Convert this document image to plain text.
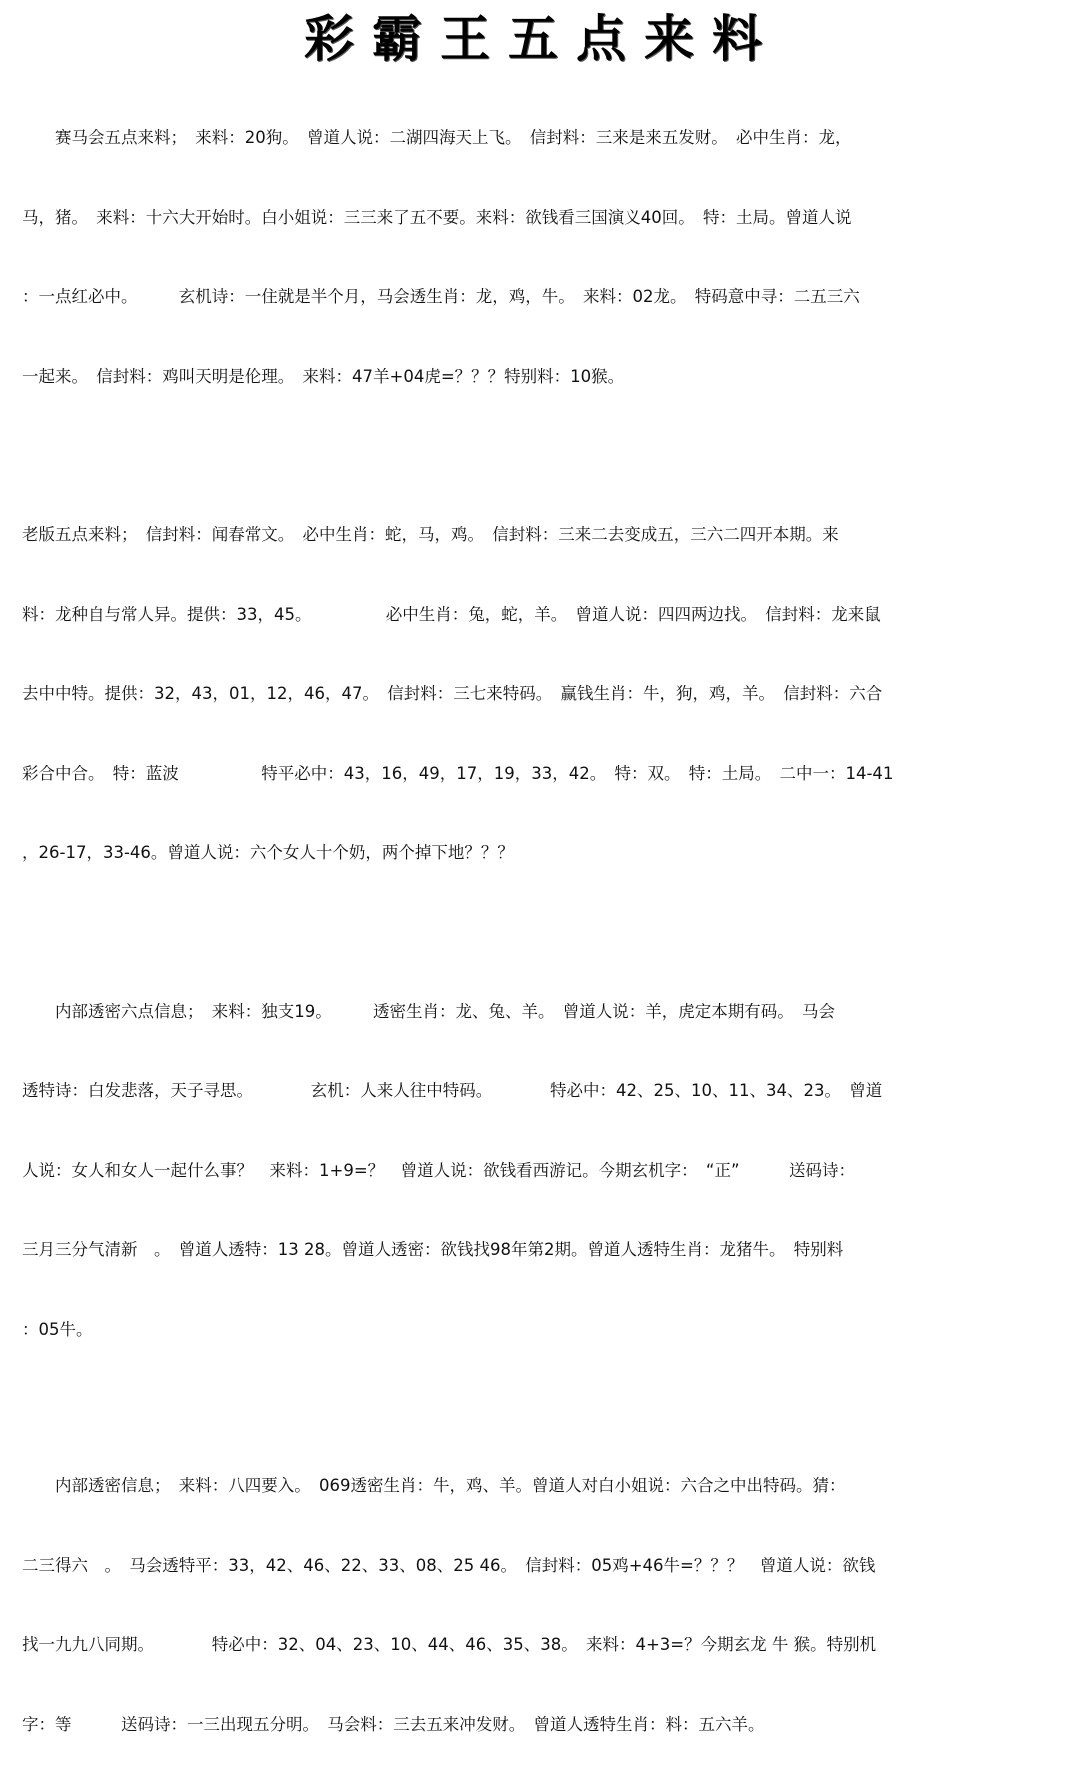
彩霸王五点来料

　　赛马会五点来料；　来料：20狗。　曾道人说：二湖四海天上飞。　信封料：三来是来五发财。　必中生肖：龙，

马，猪。　来料：十六大开始时。白小姐说：三三来了五不要。来料：欲钱看三国演义40回。　特：土局。曾道人说

：一点红必中。　　　玄机诗：一住就是半个月，马会透生肖：龙，鸡，牛。　来料：02龙。　特码意中寻：二五三六

一起来。　信封料：鸡叫天明是伦理。　来料：47羊+04虎=？？？特别料：10猴。

老版五点来料；　信封料：闻春常文。　必中生肖：蛇，马，鸡。　信封料：三来二去变成五，三六二四开本期。来

料：龙种自与常人异。提供：33，45。　　　　　必中生肖：兔，蛇，羊。　曾道人说：四四两边找。　信封料：龙来鼠

去中中特。提供：32，43，01，12，46，47。　信封料：三七来特码。　赢钱生肖：牛，狗，鸡，羊。　信封料：六合

彩合中合。　特：蓝波　　　　　特平必中：43，16，49，17，19，33，42。　特：双。　特：土局。　二中一：14-41

，26-17，33-46。曾道人说：六个女人十个奶，两个掉下地？？？

　　内部透密六点信息；　来料：独支19。　　　透密生肖：龙、兔、羊。　曾道人说：羊，虎定本期有码。　马会

透特诗：白发悲落，天子寻思。　　　　玄机：人来人往中特码。　　　　特必中：42、25、10、11、34、23。　曾道

人说：女人和女人一起什么事？　来料：1+9=？　曾道人说：欲钱看西游记。今期玄机字：　“正”　　　送码诗：

三月三分气清新　。　曾道人透特：13 28。曾道人透密：欲钱找98年第2期。曾道人透特生肖：龙猪牛。　特别料

：05牛。

　　内部透密信息；　来料：八四要入。　069透密生肖：牛，鸡、羊。曾道人对白小姐说：六合之中出特码。猜：

二三得六　。　马会透特平：33，42、46、22、33、08、25 46。　信封料：05鸡+46牛=？？？　曾道人说：欲钱

找一九九八同期。　　　　特必中：32、04、23、10、44、46、35、38。　来料：4+3=？今期玄龙 牛 猴。特别机

字：等　　　送码诗：一三出现五分明。　马会料：三去五来冲发财。　曾道人透特生肖：料：五六羊。
